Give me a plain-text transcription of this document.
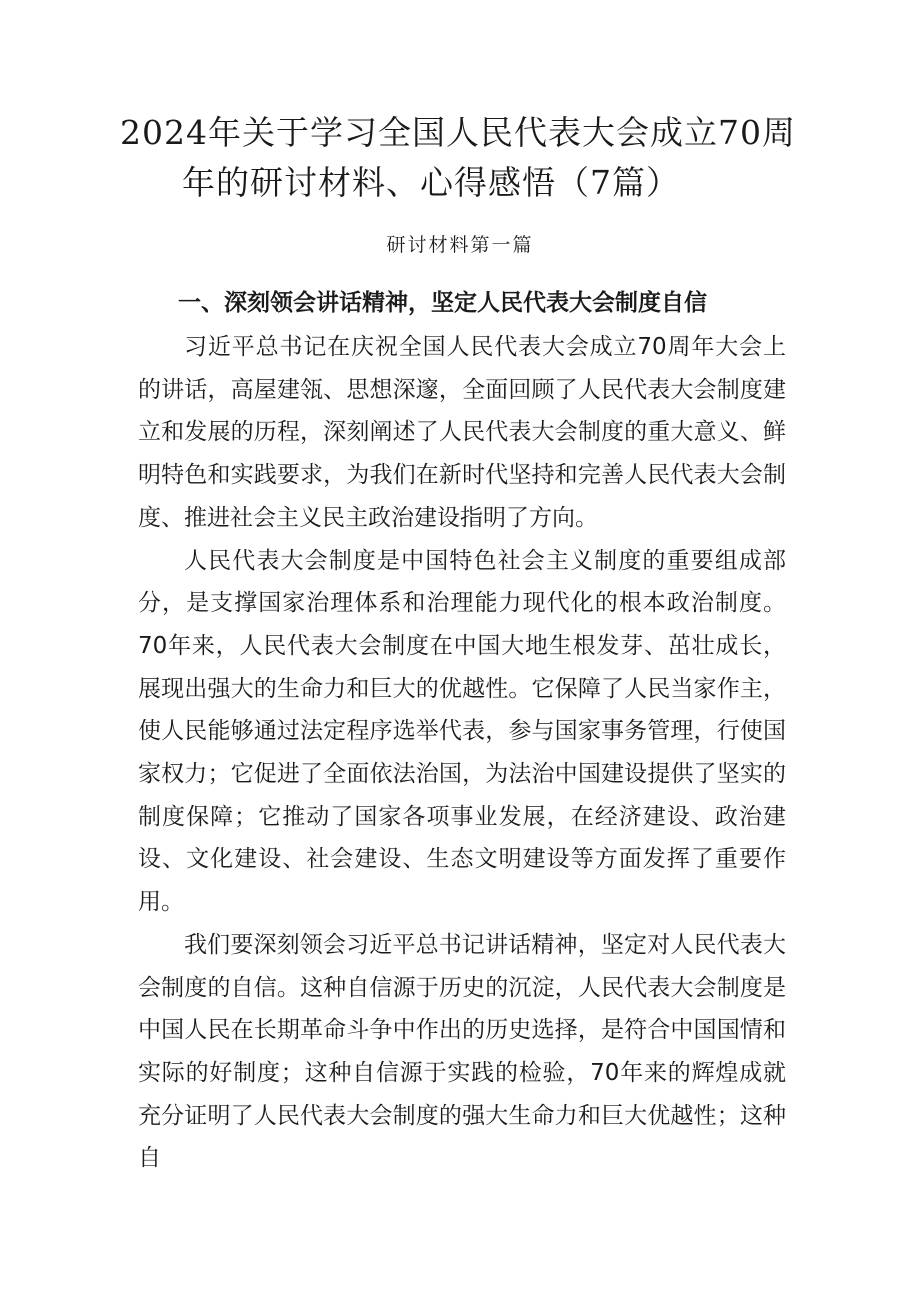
2024年关于学习全国人民代表大会成立70周
年的研讨材料、心得感悟（7篇）
研讨材料第一篇
一、深刻领会讲话精神，坚定人民代表大会制度自信

习近平总书记在庆祝全国人民代表大会成立70周年大会上的讲话，高屋建瓴、思想深邃，全面回顾了人民代表大会制度建立和发展的历程，深刻阐述了人民代表大会制度的重大意义、鲜明特色和实践要求，为我们在新时代坚持和完善人民代表大会制度、推进社会主义民主政治建设指明了方向。

人民代表大会制度是中国特色社会主义制度的重要组成部分，是支撑国家治理体系和治理能力现代化的根本政治制度。70年来，人民代表大会制度在中国大地生根发芽、茁壮成长，展现出强大的生命力和巨大的优越性。它保障了人民当家作主，使人民能够通过法定程序选举代表，参与国家事务管理，行使国家权力；它促进了全面依法治国，为法治中国建设提供了坚实的制度保障；它推动了国家各项事业发展，在经济建设、政治建设、文化建设、社会建设、生态文明建设等方面发挥了重要作用。

我们要深刻领会习近平总书记讲话精神，坚定对人民代表大会制度的自信。这种自信源于历史的沉淀，人民代表大会制度是中国人民在长期革命斗争中作出的历史选择，是符合中国国情和实际的好制度；这种自信源于实践的检验，70年来的辉煌成就充分证明了人民代表大会制度的强大生命力和巨大优越性；这种自
